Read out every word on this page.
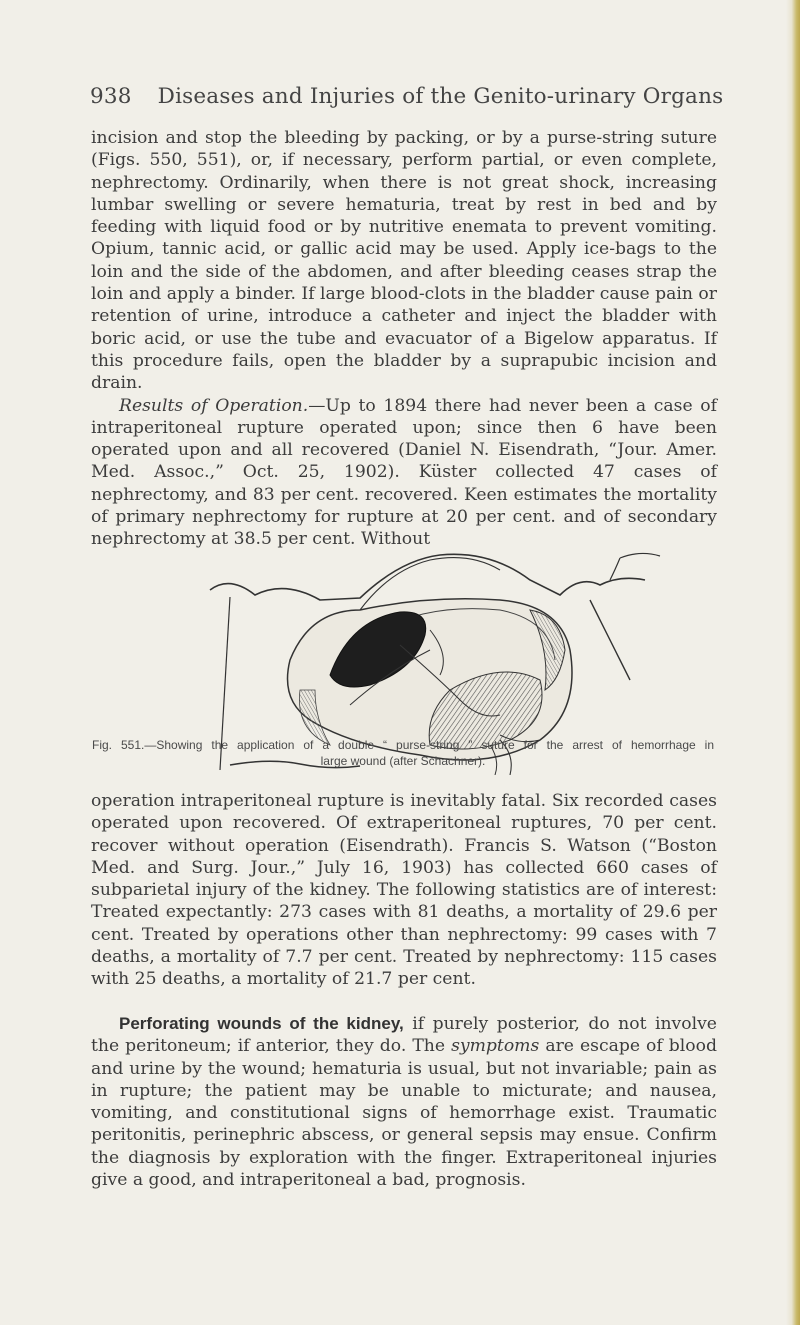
938 Diseases and Injuries of the Genito-urinary Organs

incision and stop the bleeding by packing, or by a purse-string suture (Figs. 550, 551), or, if necessary, perform partial, or even complete, nephrectomy. Ordinarily, when there is not great shock, increasing lumbar swelling or severe hematuria, treat by rest in bed and by feeding with liquid food or by nutritive enemata to prevent vomiting. Opium, tannic acid, or gallic acid may be used. Apply ice-bags to the loin and the side of the abdomen, and after bleeding ceases strap the loin and apply a binder. If large blood-clots in the bladder cause pain or retention of urine, introduce a catheter and inject the bladder with boric acid, or use the tube and evacuator of a Bigelow apparatus. If this procedure fails, open the bladder by a suprapubic incision and drain.
Results of Operation.—Up to 1894 there had never been a case of intraperitoneal rupture operated upon; since then 6 have been operated upon and all recovered (Daniel N. Eisendrath, “Jour. Amer. Med. Assoc.,” Oct. 25, 1902). Küster collected 47 cases of nephrectomy, and 83 per cent. recovered. Keen estimates the mortality of primary nephrectomy for rupture at 20 per cent. and of secondary nephrectomy at 38.5 per cent. Without

Fig. 551.—Showing the application of a double “ purse-string ” suture for the arrest of hemorrhage in
large wound (after Schachner).

operation intraperitoneal rupture is inevitably fatal. Six recorded cases operated upon recovered. Of extraperitoneal ruptures, 70 per cent. recover without operation (Eisendrath). Francis S. Watson (“Boston Med. and Surg. Jour.,” July 16, 1903) has collected 660 cases of subparietal injury of the kidney. The following statistics are of interest: Treated expectantly: 273 cases with 81 deaths, a mortality of 29.6 per cent. Treated by operations other than nephrectomy: 99 cases with 7 deaths, a mortality of 7.7 per cent. Treated by nephrectomy: 115 cases with 25 deaths, a mortality of 21.7 per cent.

Perforating wounds of the kidney, if purely posterior, do not involve the peritoneum; if anterior, they do. The symptoms are escape of blood and urine by the wound; hematuria is usual, but not invariable; pain as in rupture; the patient may be unable to micturate; and nausea, vomiting, and constitutional signs of hemorrhage exist. Traumatic peritonitis, perinephric abscess, or general sepsis may ensue. Confirm the diagnosis by exploration with the finger. Extraperitoneal injuries give a good, and intraperitoneal a bad, prognosis.
